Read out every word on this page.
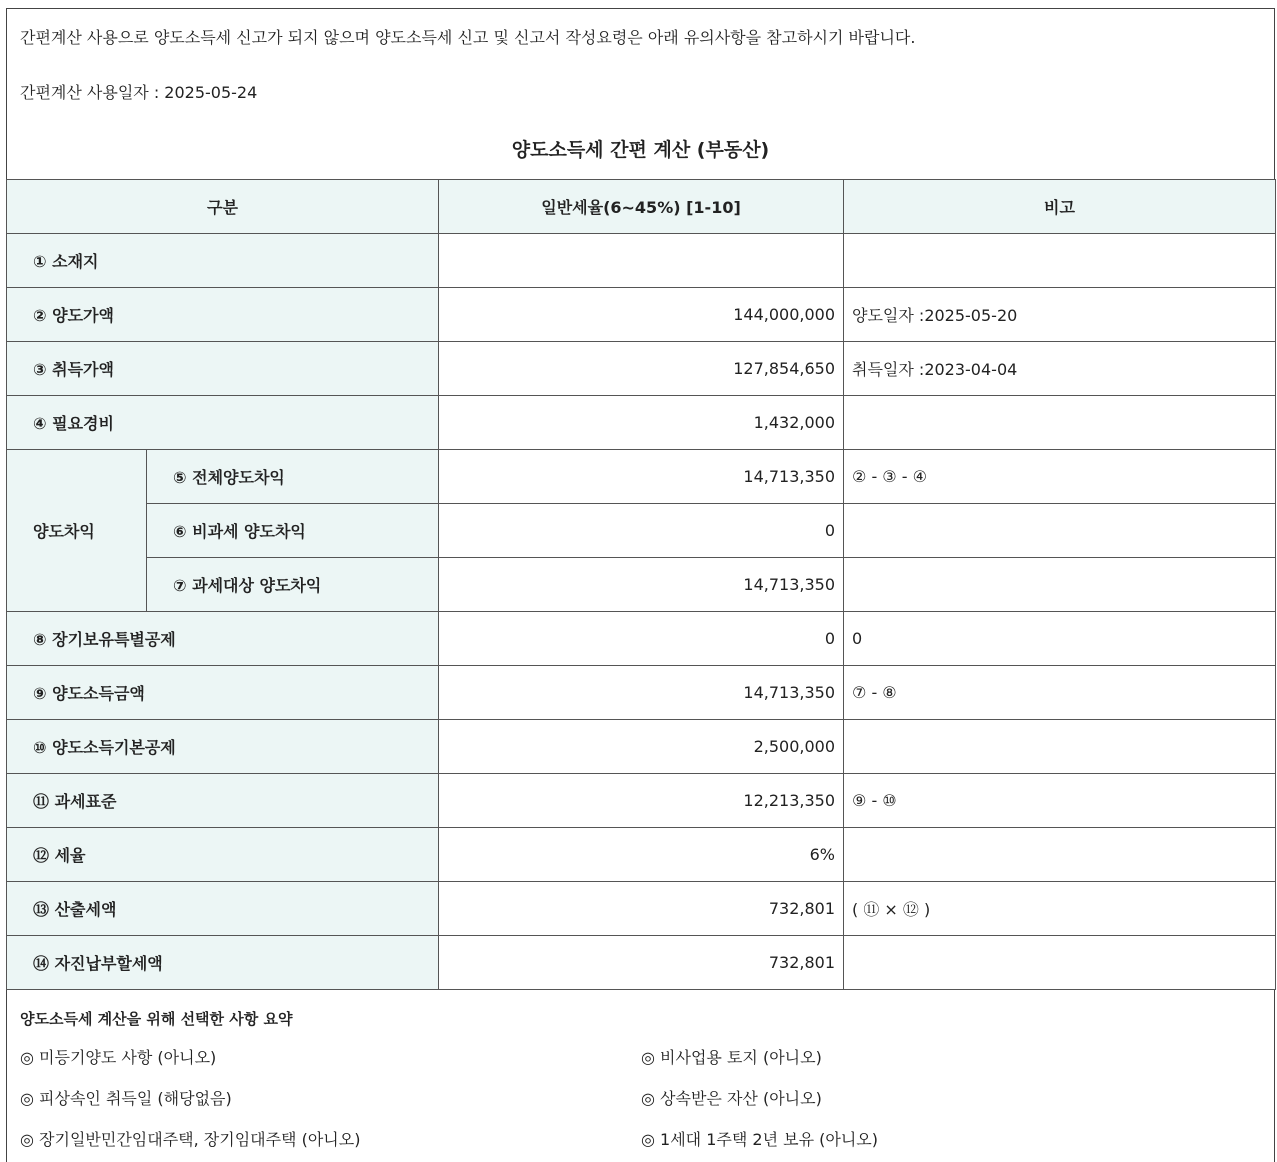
간편계산 사용으로 양도소득세 신고가 되지 않으며 양도소득세 신고 및 신고서 작성요령은 아래 유의사항을 참고하시기 바랍니다.
간편계산 사용일자 : 2025-05-24
양도소득세 간편 계산 (부동산)
구분		일반세율(6~45%) [1-10]	비고
① 소재지			
② 양도가액		144,000,000	양도일자 :2025-05-20
③ 취득가액		127,854,650	취득일자 :2023-04-04
④ 필요경비		1,432,000	
양도차익	⑤ 전체양도차익	14,713,350	② - ③ - ④
	⑥ 비과세 양도차익	0	
	⑦ 과세대상 양도차익	14,713,350	
⑧ 장기보유특별공제		0	0
⑨ 양도소득금액		14,713,350	⑦ - ⑧
⑩ 양도소득기본공제		2,500,000	
⑪ 과세표준		12,213,350	⑨ - ⑩
⑫ 세율		6%	
⑬ 산출세액		732,801	( ⑪ × ⑫ )
⑭ 자진납부할세액		732,801	
양도소득세 계산을 위해 선택한 사항 요약
◎ 미등기양도 사항 (아니오)	◎ 비사업용 토지 (아니오)
◎ 피상속인 취득일 (해당없음)	◎ 상속받은 자산 (아니오)
◎ 장기일반민간임대주택, 장기임대주택 (아니오)	◎ 1세대 1주택 2년 보유 (아니오)
